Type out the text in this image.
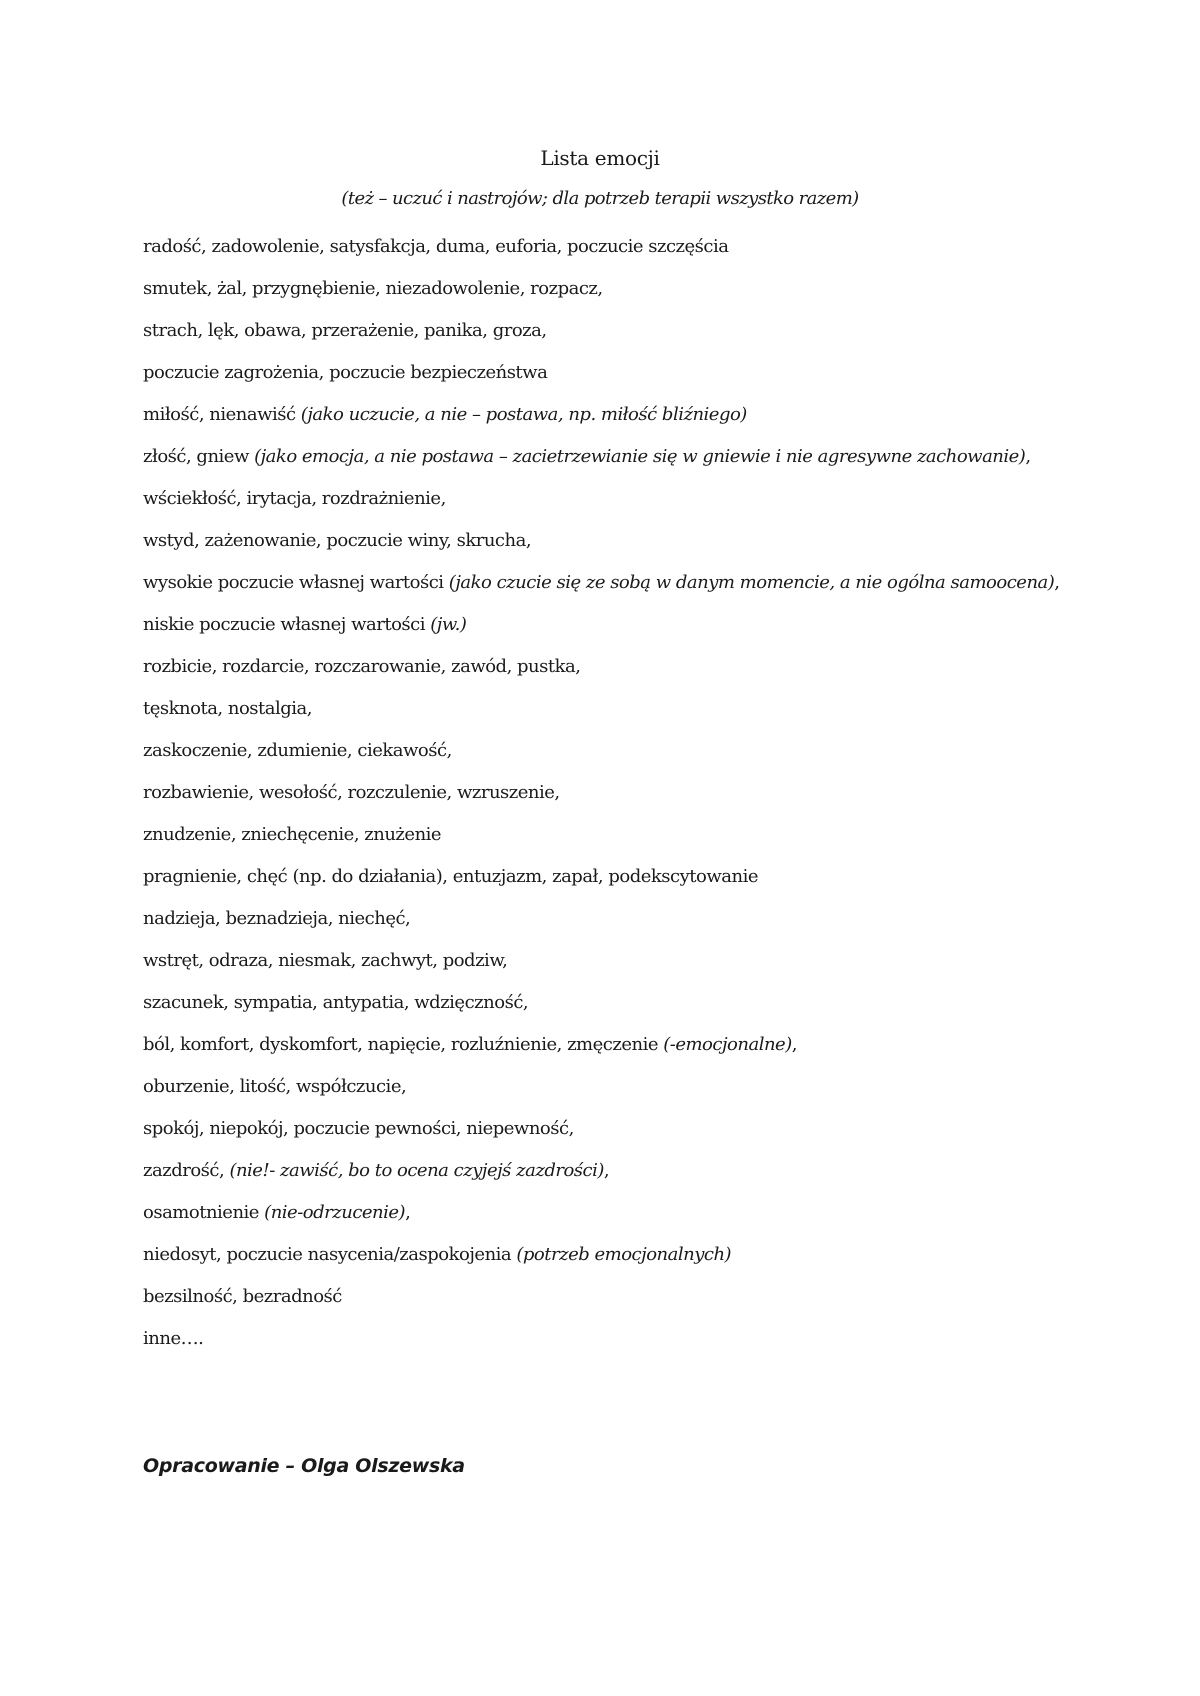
Lista emocji

(też – uczuć i nastrojów; dla potrzeb terapii wszystko razem)

radość, zadowolenie, satysfakcja, duma, euforia, poczucie szczęścia
smutek, żal, przygnębienie, niezadowolenie, rozpacz,
strach, lęk, obawa, przerażenie, panika, groza,
poczucie zagrożenia, poczucie bezpieczeństwa
miłość, nienawiść (jako uczucie, a nie – postawa, np. miłość bliźniego)
złość, gniew (jako emocja, a nie postawa – zacietrzewianie się w gniewie i nie agresywne zachowanie), wściekłość, irytacja, rozdrażnienie,
wstyd, zażenowanie, poczucie winy, skrucha,
wysokie poczucie własnej wartości (jako czucie się ze sobą w danym momencie, a nie ogólna samoocena), niskie poczucie własnej wartości (jw.)
rozbicie, rozdarcie, rozczarowanie, zawód, pustka,
tęsknota, nostalgia,
zaskoczenie, zdumienie, ciekawość,
rozbawienie, wesołość, rozczulenie, wzruszenie,
znudzenie, zniechęcenie, znużenie
pragnienie, chęć (np. do działania), entuzjazm, zapał, podekscytowanie
nadzieja, beznadzieja, niechęć,
wstręt, odraza, niesmak, zachwyt, podziw,
szacunek, sympatia, antypatia, wdzięczność,
ból, komfort, dyskomfort, napięcie, rozluźnienie, zmęczenie (-emocjonalne),
oburzenie, litość, współczucie,
spokój, niepokój, poczucie pewności, niepewność,
zazdrość, (nie!- zawiść, bo to ocena czyjejś zazdrości),
osamotnienie (nie-odrzucenie),
niedosyt, poczucie nasycenia/zaspokojenia (potrzeb emocjonalnych)
bezsilność, bezradność
inne….

Opracowanie – Olga Olszewska
